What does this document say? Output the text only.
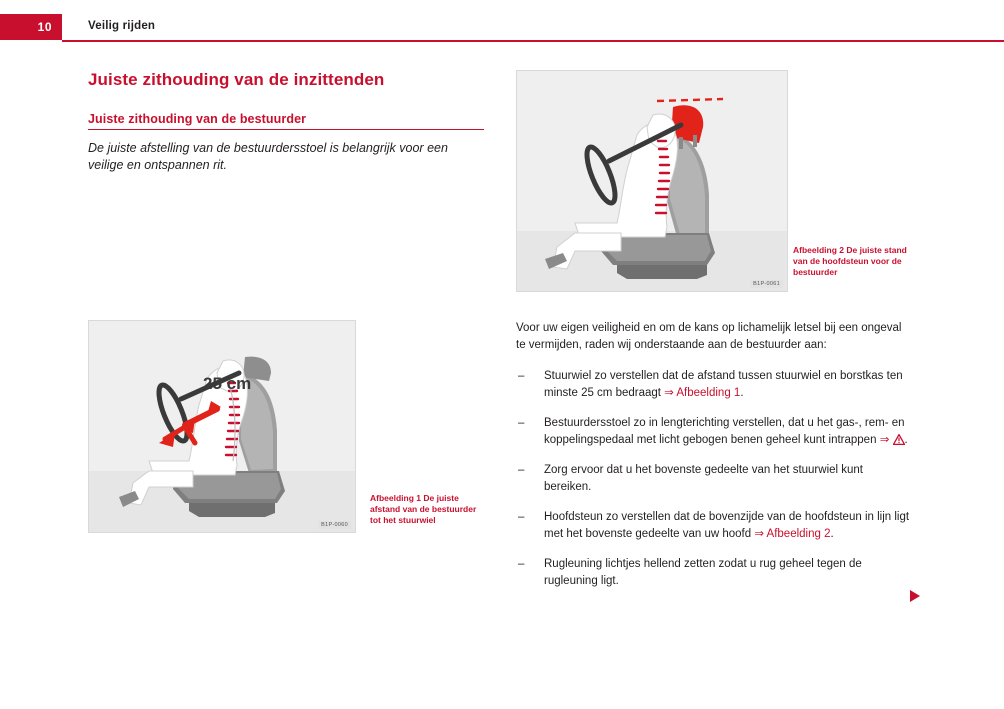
10	Veilig rijden
Juiste zithouding van de inzittenden
Juiste zithouding van de bestuurder

De juiste afstelling van de bestuurdersstoel is belangrijk voor een veilige en ontspannen rit.

25 cm
B1P-0060
Afbeelding 1 De juiste afstand van de bestuurder tot het stuurwiel
B1P-0061
Afbeelding 2 De juiste stand van de hoofdsteun voor de bestuurder

Voor uw eigen veiligheid en om de kans op lichamelijk letsel bij een ongeval te vermijden, raden wij onderstaande aan de bestuurder aan:

– Stuurwiel zo verstellen dat de afstand tussen stuurwiel en borstkas ten minste 25 cm bedraagt ⇒ Afbeelding 1.
– Bestuurdersstoel zo in lengterichting verstellen, dat u het gas-, rem- en koppelingspedaal met licht gebogen benen geheel kunt intrappen ⇒ .
– Zorg ervoor dat u het bovenste gedeelte van het stuurwiel kunt bereiken.
– Hoofdsteun zo verstellen dat de bovenzijde van de hoofdsteun in lijn ligt met het bovenste gedeelte van uw hoofd ⇒ Afbeelding 2.
– Rugleuning lichtjes hellend zetten zodat u rug geheel tegen de rugleuning ligt.
